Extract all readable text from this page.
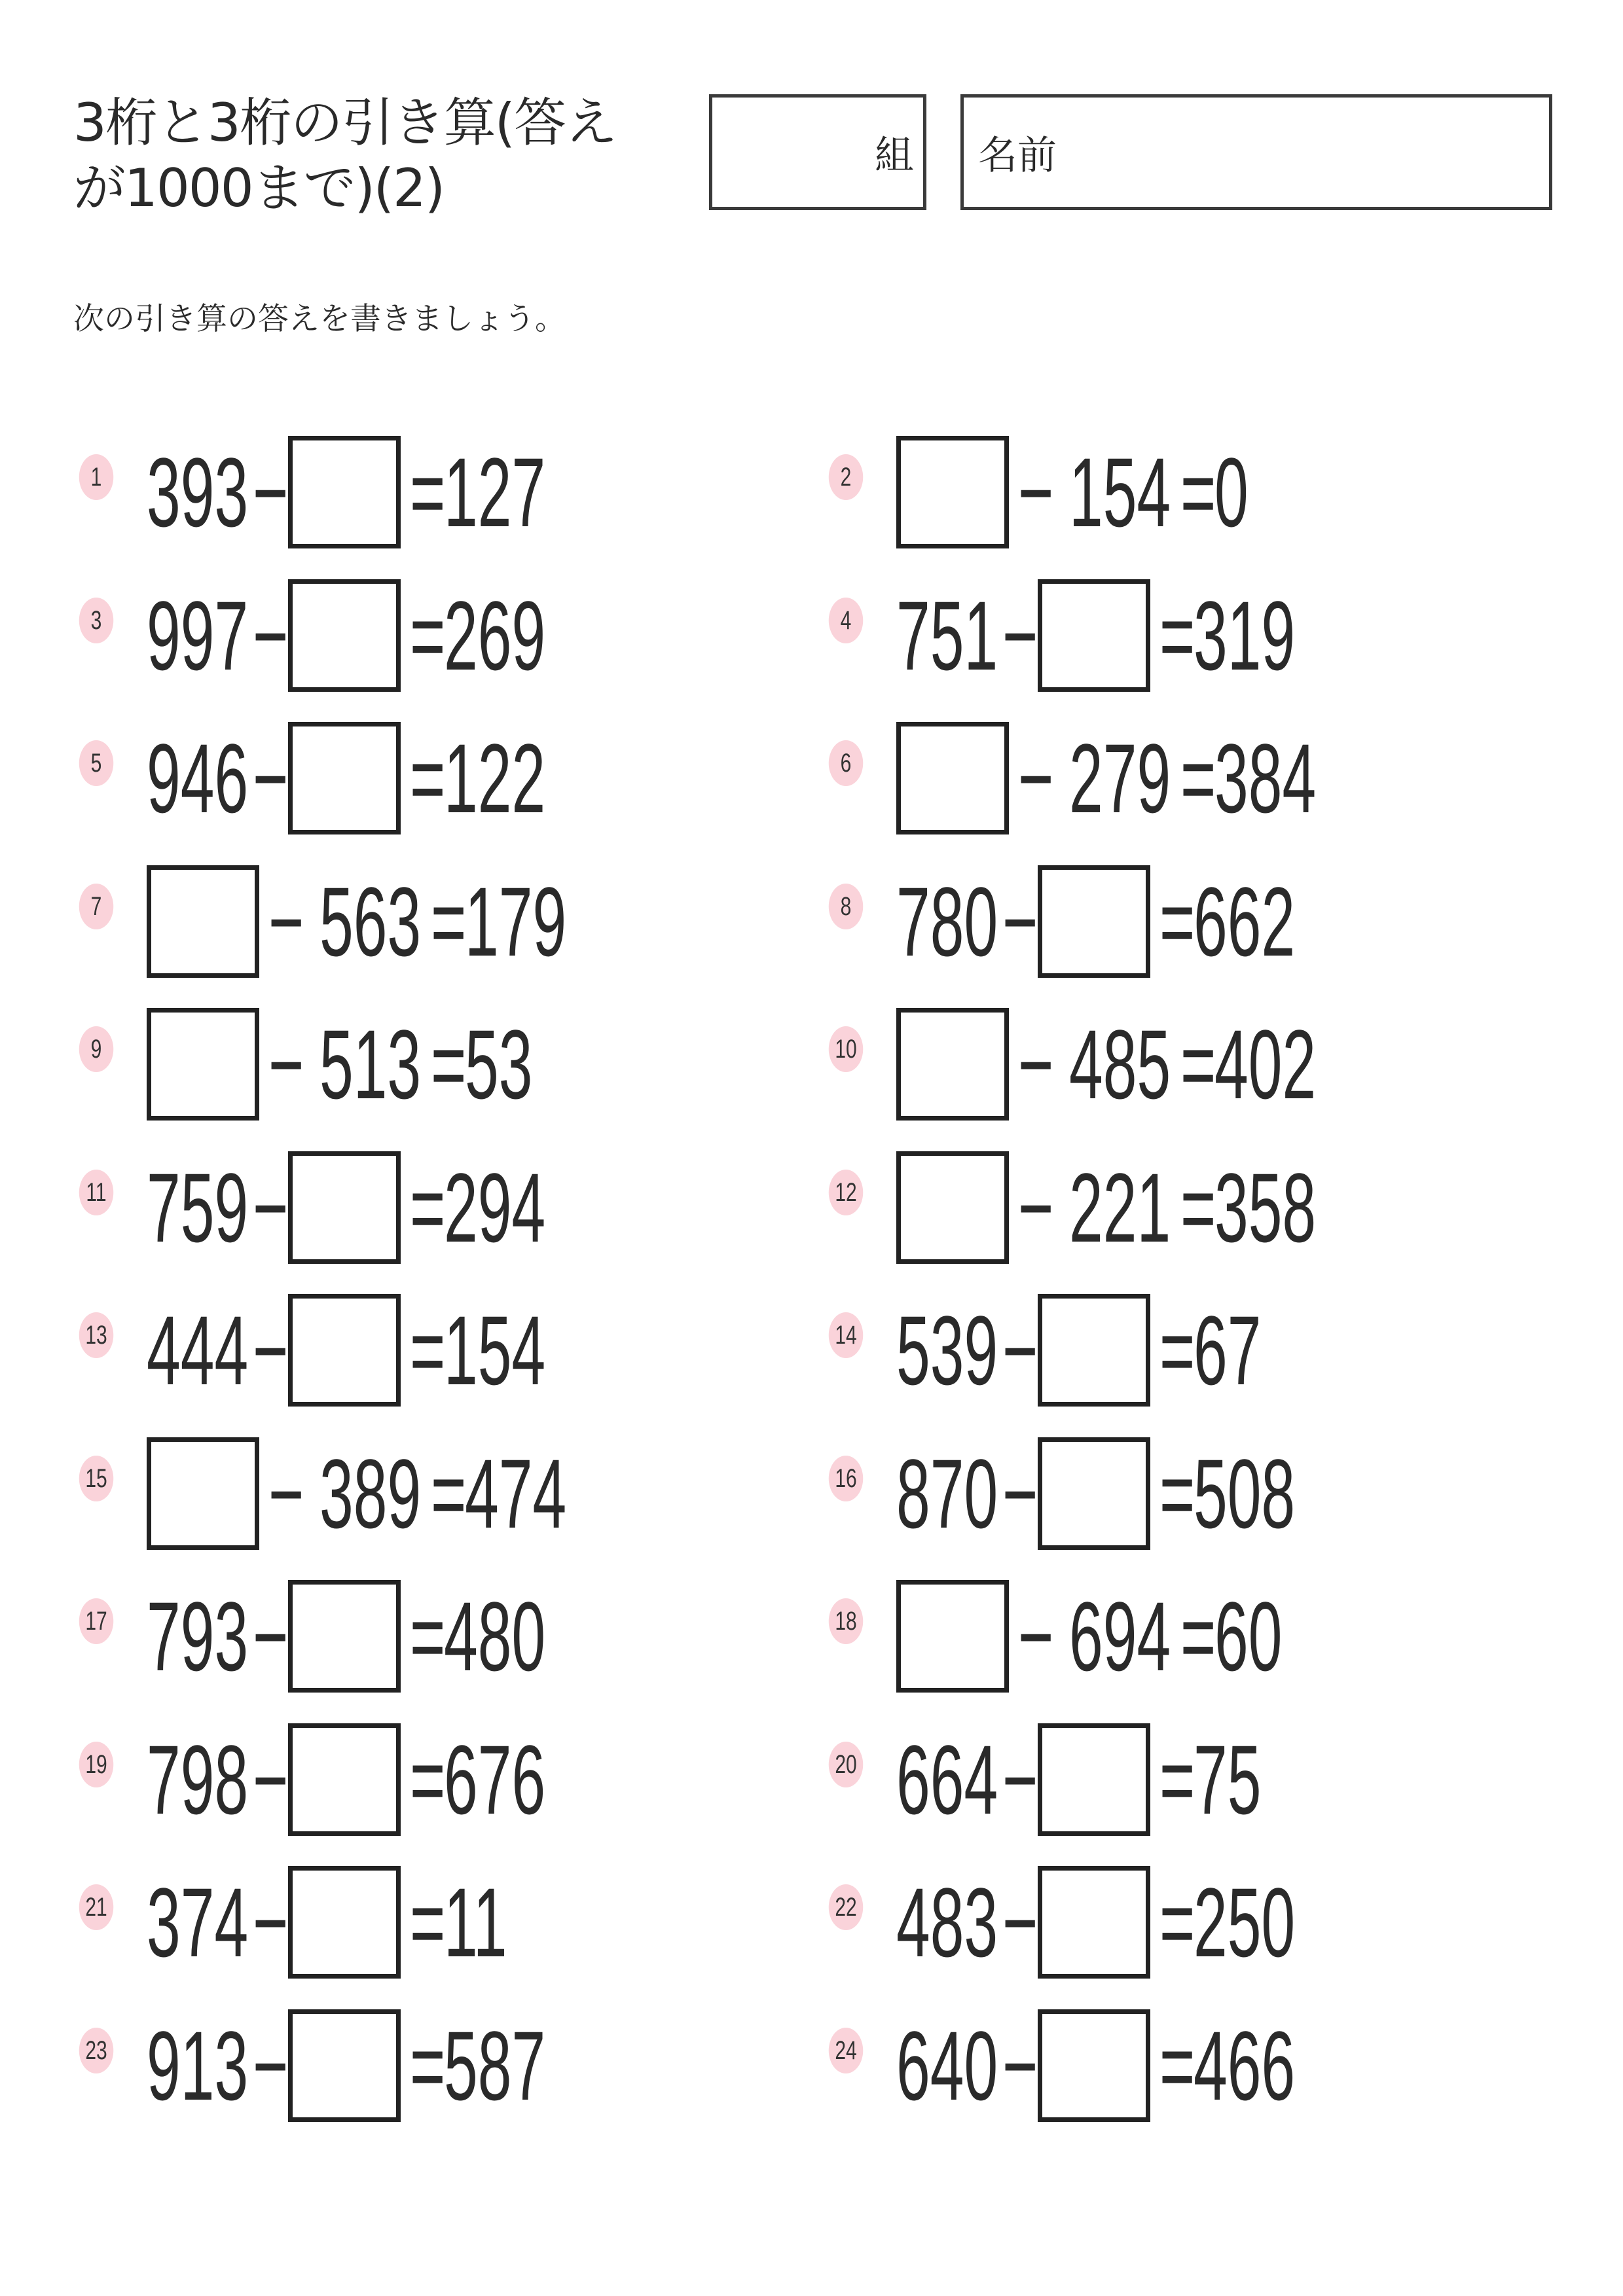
3桁と3桁の引き算(答えが1000まで)(2)
組 名前
次の引き算の答えを書きましょう。
1 393 − =
127	2 − 154 =
0
3 997 − =
269	4 751 − =
319
5 946 − =
122	6 − 279 =
384
7 − 563 =
179	8 780 − =
662
9 − 513 =
53	10 − 485 =
402
11 759 − =
294	12 − 221 =
358
13 444 − =
154	14 539 − =
67
15 − 389 =
474	16 870 − =
508
17 793 − =
480	18 − 694 =
60
19 798 − =
676	20 664 − =
75
21 374 − =
11	22 483 − =
250
23 913 − =
587	24 640 − =
466
